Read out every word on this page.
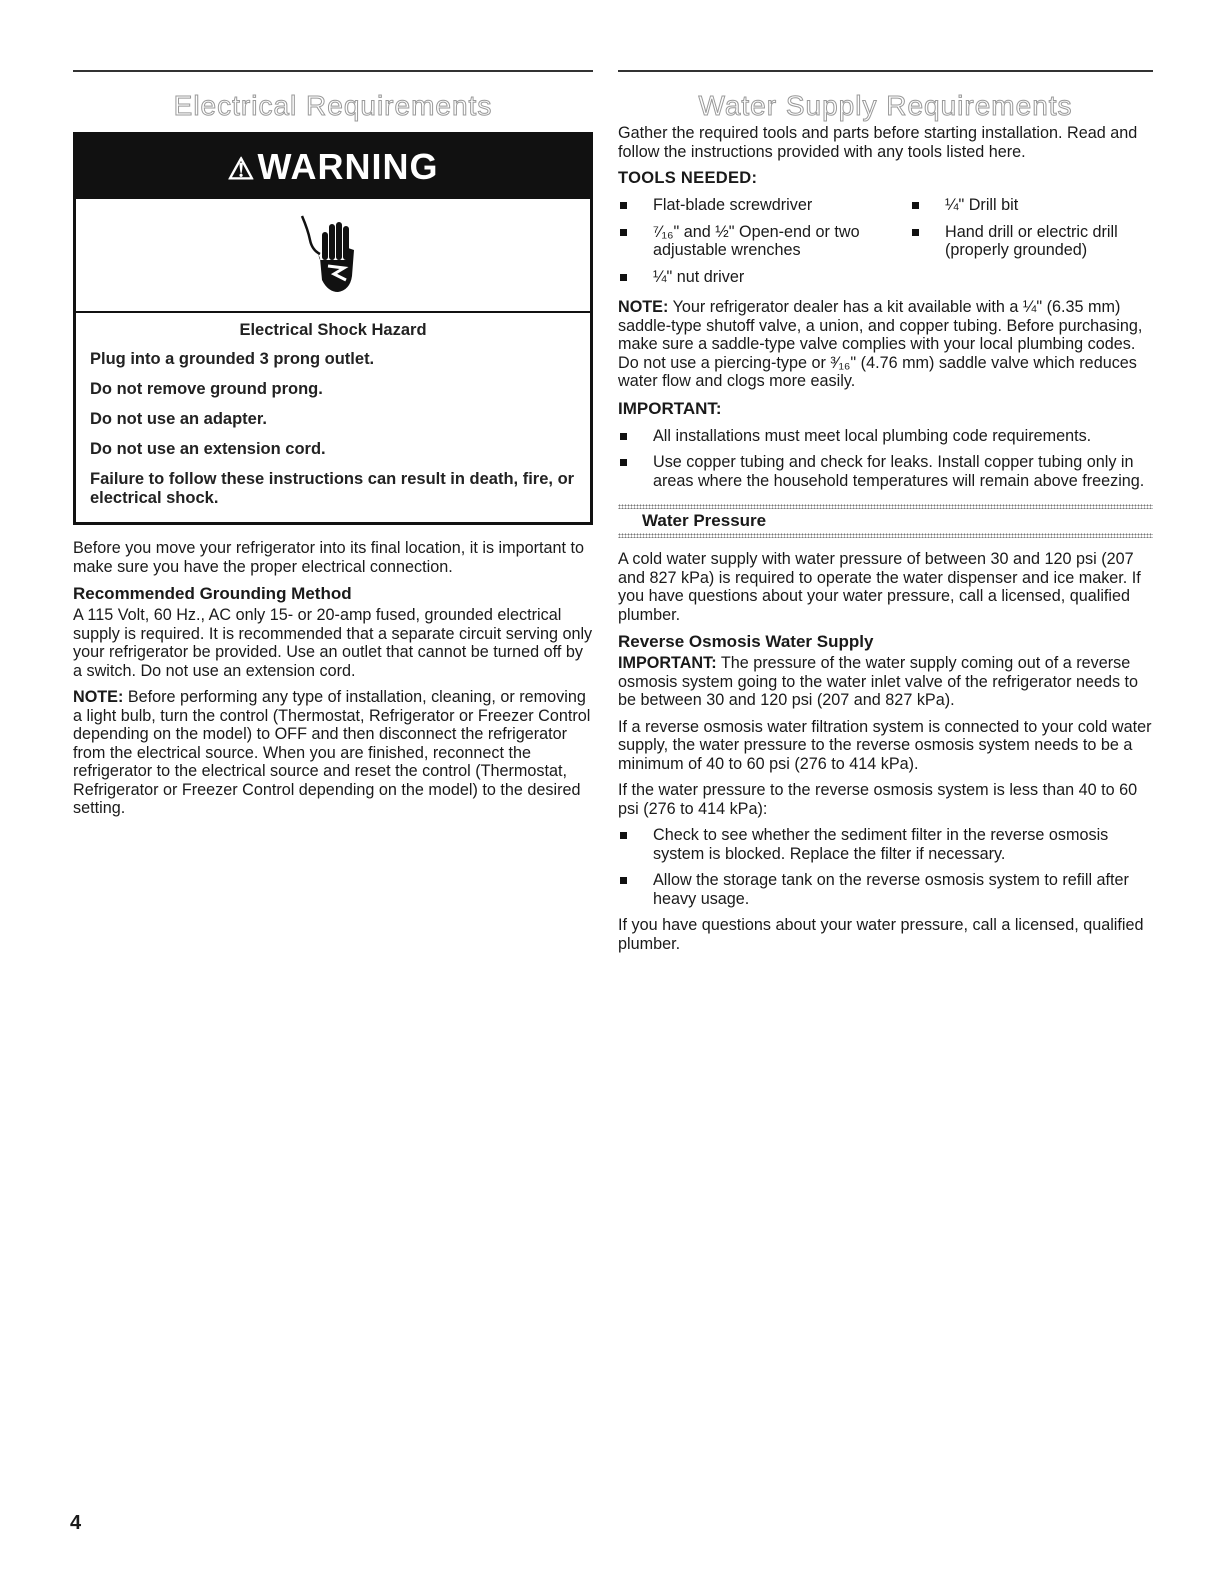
Electrical Requirements
⚠WARNING
Electrical Shock Hazard

Plug into a grounded 3 prong outlet.

Do not remove ground prong.

Do not use an adapter.

Do not use an extension cord.

Failure to follow these instructions can result in death, fire, or electrical shock.

Before you move your refrigerator into its final location, it is important to make sure you have the proper electrical connection.

Recommended Grounding Method

A 115 Volt, 60 Hz., AC only 15- or 20-amp fused, grounded electrical supply is required. It is recommended that a separate circuit serving only your refrigerator be provided. Use an outlet that cannot be turned off by a switch. Do not use an extension cord.

NOTE: Before performing any type of installation, cleaning, or removing a light bulb, turn the control (Thermostat, Refrigerator or Freezer Control depending on the model) to OFF and then disconnect the refrigerator from the electrical source. When you are finished, reconnect the refrigerator to the electrical source and reset the control (Thermostat, Refrigerator or Freezer Control depending on the model) to the desired setting.

Water Supply Requirements

Gather the required tools and parts before starting installation. Read and follow the instructions provided with any tools listed here.

TOOLS NEEDED:
Flat-blade screwdriver	¼" Drill bit
⁷⁄₁₆" and ½" Open-end or two adjustable wrenches
Hand drill or electric drill (properly grounded)
¼" nut driver

NOTE: Your refrigerator dealer has a kit available with a ¼" (6.35 mm) saddle-type shutoff valve, a union, and copper tubing. Before purchasing, make sure a saddle-type valve complies with your local plumbing codes. Do not use a piercing-type or ³⁄₁₆" (4.76 mm) saddle valve which reduces water flow and clogs more easily.

IMPORTANT:
All installations must meet local plumbing code requirements.
Use copper tubing and check for leaks. Install copper tubing only in areas where the household temperatures will remain above freezing.
Water Pressure

A cold water supply with water pressure of between 30 and 120 psi (207 and 827 kPa) is required to operate the water dispenser and ice maker. If you have questions about your water pressure, call a licensed, qualified plumber.

Reverse Osmosis Water Supply

IMPORTANT: The pressure of the water supply coming out of a reverse osmosis system going to the water inlet valve of the refrigerator needs to be between 30 and 120 psi (207 and 827 kPa).

If a reverse osmosis water filtration system is connected to your cold water supply, the water pressure to the reverse osmosis system needs to be a minimum of 40 to 60 psi (276 to 414 kPa).

If the water pressure to the reverse osmosis system is less than 40 to 60 psi (276 to 414 kPa):

Check to see whether the sediment filter in the reverse osmosis system is blocked. Replace the filter if necessary.
Allow the storage tank on the reverse osmosis system to refill after heavy usage.

If you have questions about your water pressure, call a licensed, qualified plumber.

4
